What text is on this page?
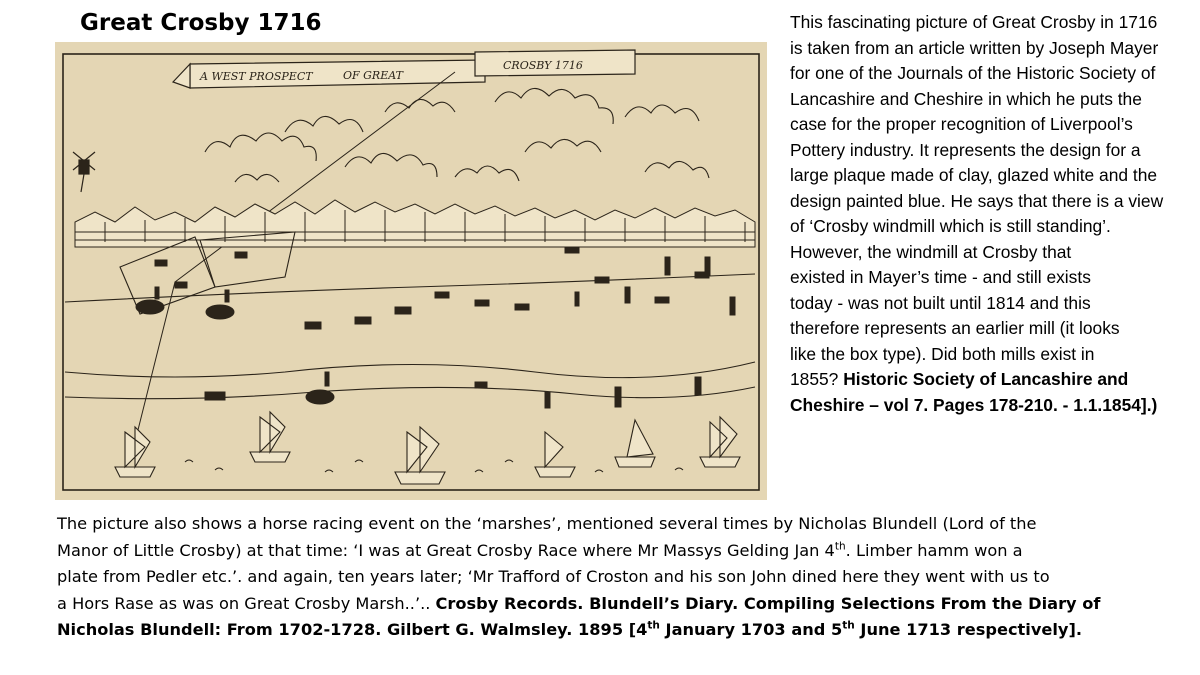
Great Crosby 1716
A WEST PROSPECT	OF GREAT
CROSBY 1716
This fascinating picture of Great Crosby in 1716
is taken from an article written by Joseph Mayer
for one of the Journals of the Historic Society of
Lancashire and Cheshire in which he puts the
case for the proper recognition of Liverpool’s
Pottery industry. It represents the design for a
large plaque made of clay, glazed white and the
design painted blue. He says that there is a view
of ‘Crosby windmill which is still standing’.
However, the windmill at Crosby that
existed in Mayer’s time - and still exists
today - was not built until 1814 and this
therefore represents an earlier mill (it looks
like the box type). Did both mills exist in
1855? Historic Society of Lancashire and
Cheshire – vol 7. Pages 178-210. - 1.1.1854].)
The picture also shows a horse racing event on the ‘marshes’, mentioned several times by Nicholas Blundell (Lord of the
Manor of Little Crosby) at that time: ‘I was at Great Crosby Race where Mr Massys Gelding Jan 4th. Limber hamm won a
plate from Pedler etc.’. and again, ten years later; ‘Mr Trafford of Croston and his son John dined here they went with us to
a Hors Rase as was on Great Crosby Marsh..’.. Crosby Records. Blundell’s Diary. Compiling Selections From the Diary of
Nicholas Blundell: From 1702-1728. Gilbert G. Walmsley. 1895 [4th January 1703 and 5th June 1713 respectively].
